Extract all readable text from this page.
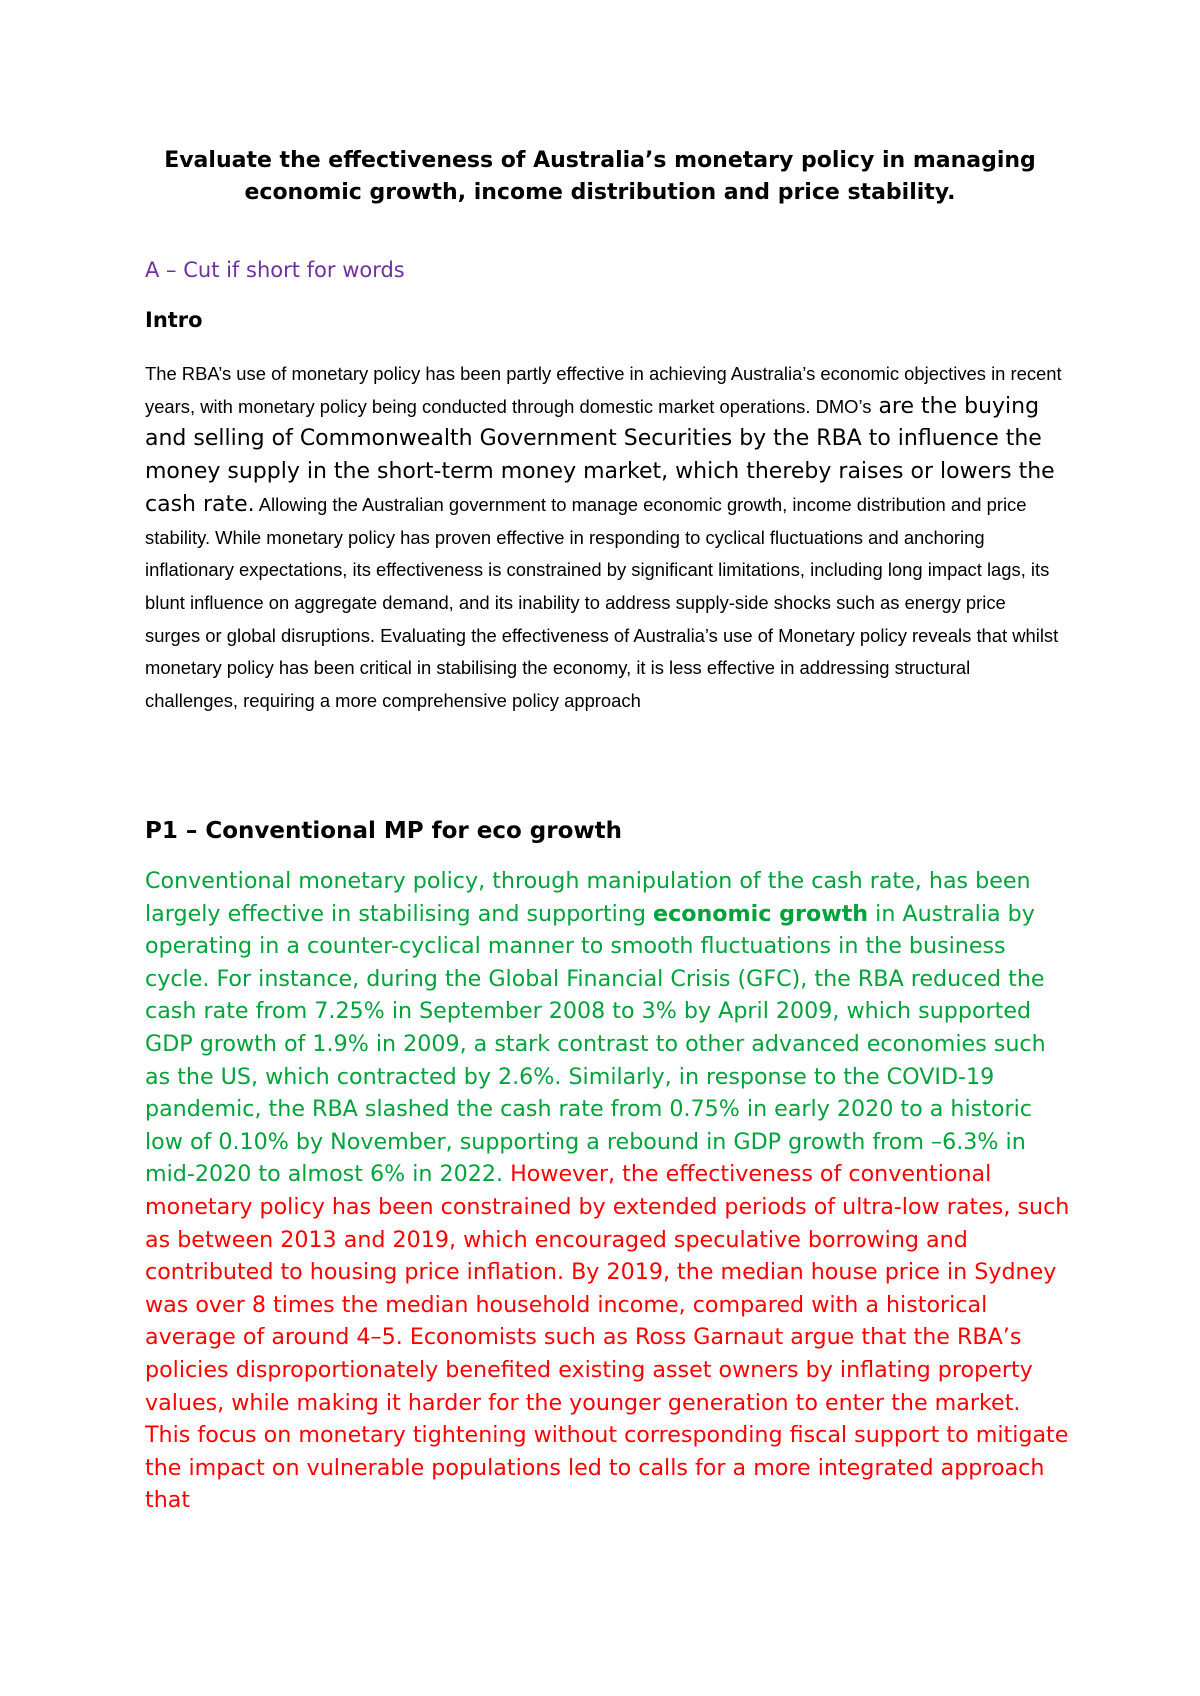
Evaluate the effectiveness of Australia’s monetary policy in managing economic growth, income distribution and price stability.

A – Cut if short for words

Intro

The RBA’s use of monetary policy has been partly effective in achieving Australia’s economic objectives in recent years, with monetary policy being conducted through domestic market operations. DMO’s are the buying and selling of Commonwealth Government Securities by the RBA to influence the money supply in the short-term money market, which thereby raises or lowers the cash rate. Allowing the Australian government to manage economic growth, income distribution and price stability. While monetary policy has proven effective in responding to cyclical fluctuations and anchoring inflationary expectations, its effectiveness is constrained by significant limitations, including long impact lags, its blunt influence on aggregate demand, and its inability to address supply-side shocks such as energy price surges or global disruptions. Evaluating the effectiveness of Australia’s use of Monetary policy reveals that whilst monetary policy has been critical in stabilising the economy, it is less effective in addressing structural challenges, requiring a more comprehensive policy approach

P1 – Conventional MP for eco growth

Conventional monetary policy, through manipulation of the cash rate, has been largely effective in stabilising and supporting economic growth in Australia by operating in a counter-cyclical manner to smooth fluctuations in the business cycle. For instance, during the Global Financial Crisis (GFC), the RBA reduced the cash rate from 7.25% in September 2008 to 3% by April 2009, which supported GDP growth of 1.9% in 2009, a stark contrast to other advanced economies such as the US, which contracted by 2.6%. Similarly, in response to the COVID-19 pandemic, the RBA slashed the cash rate from 0.75% in early 2020 to a historic low of 0.10% by November, supporting a rebound in GDP growth from –6.3% in mid-2020 to almost 6% in 2022. However, the effectiveness of conventional monetary policy has been constrained by extended periods of ultra-low rates, such as between 2013 and 2019, which encouraged speculative borrowing and contributed to housing price inflation. By 2019, the median house price in Sydney was over 8 times the median household income, compared with a historical average of around 4–5. Economists such as Ross Garnaut argue that the RBA’s policies disproportionately benefited existing asset owners by inflating property values, while making it harder for the younger generation to enter the market. This focus on monetary tightening without corresponding fiscal support to mitigate the impact on vulnerable populations led to calls for a more integrated approach that
